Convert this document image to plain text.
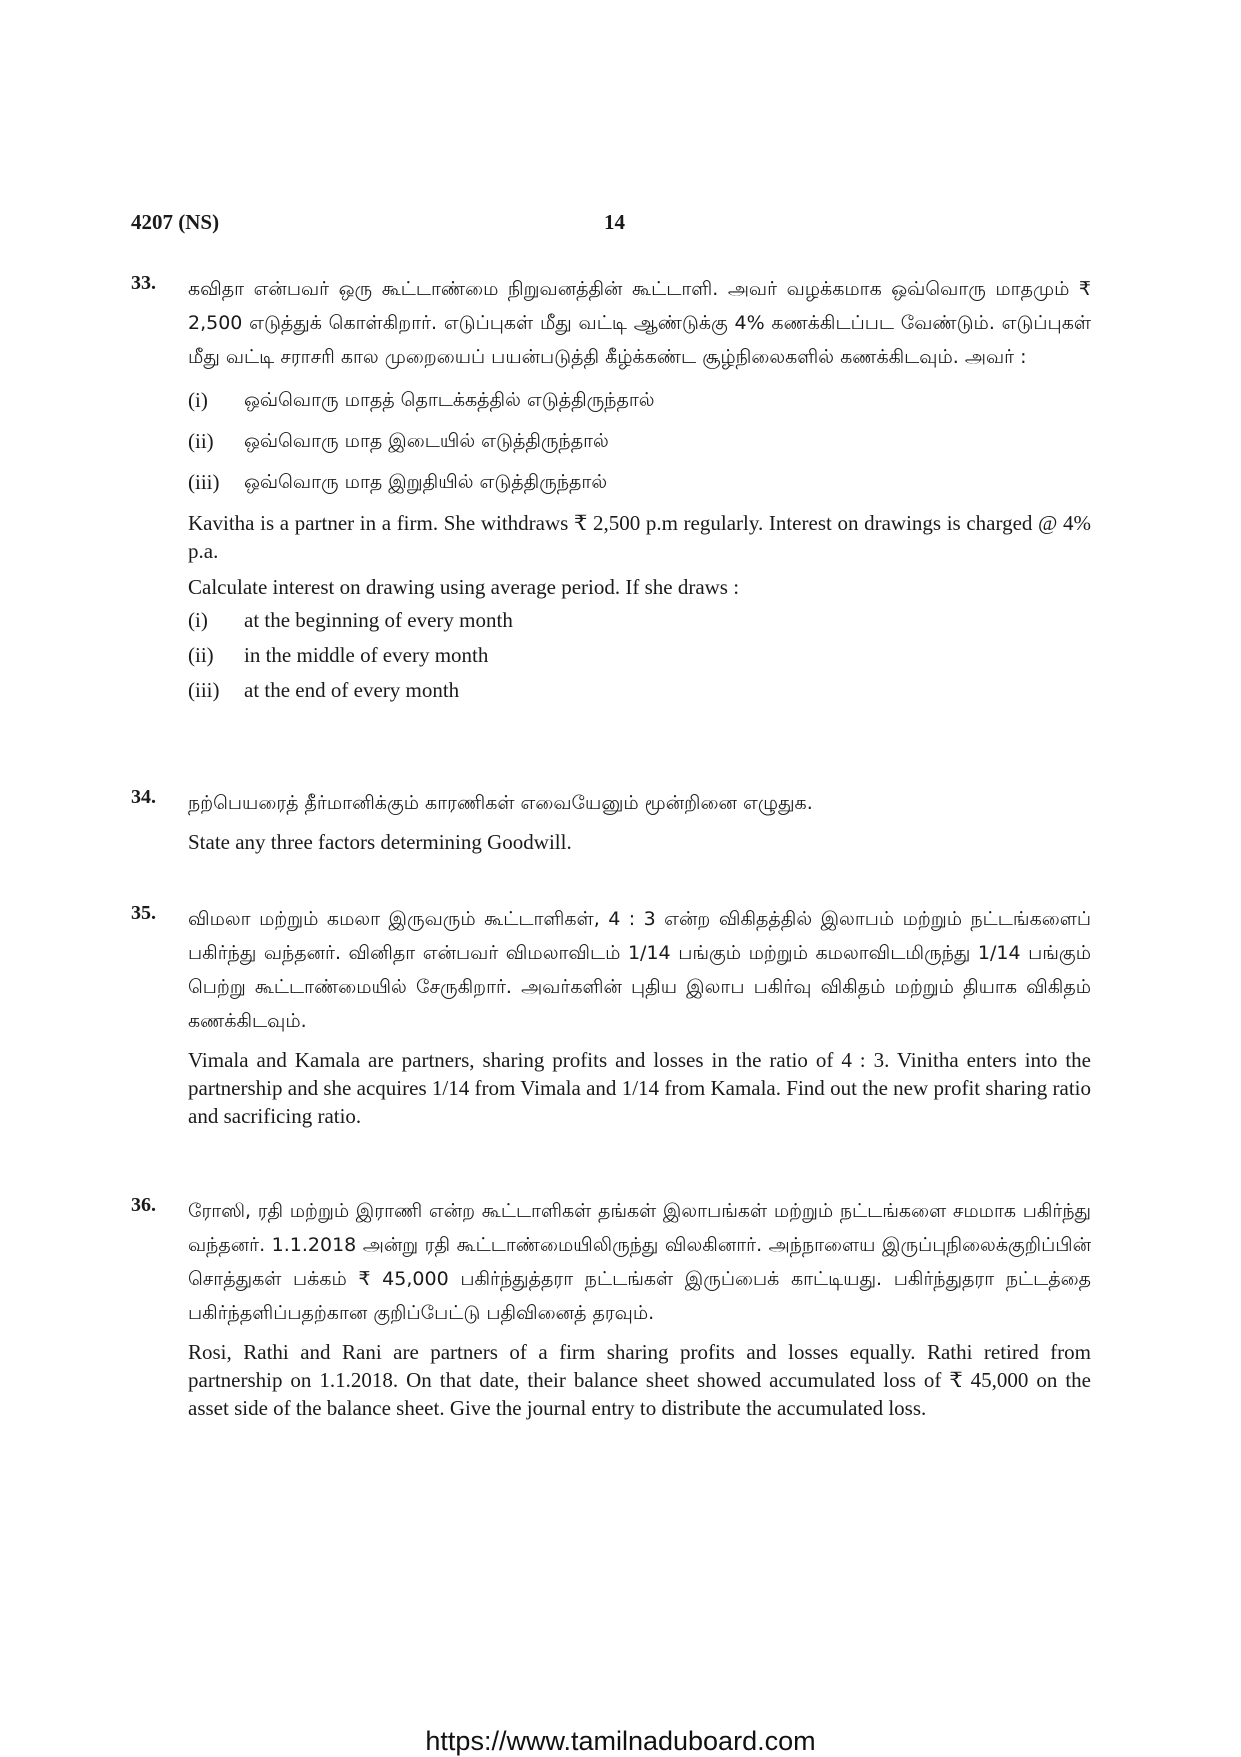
4207 (NS)	14
33. கவிதா என்பவர் ஒரு கூட்டாண்மை நிறுவனத்தின் கூட்டாளி. அவர் வழக்கமாக ஒவ்வொரு மாதமும் ₹ 2,500 எடுத்துக் கொள்கிறார். எடுப்புகள் மீது வட்டி ஆண்டுக்கு 4% கணக்கிடப்பட வேண்டும். எடுப்புகள் மீது வட்டி சராசரி கால முறையைப் பயன்படுத்தி கீழ்க்கண்ட சூழ்நிலைகளில் கணக்கிடவும். அவர் :

(i)	ஒவ்வொரு மாதத் தொடக்கத்தில் எடுத்திருந்தால்
(ii)	ஒவ்வொரு மாத இடையில் எடுத்திருந்தால்
(iii)	ஒவ்வொரு மாத இறுதியில் எடுத்திருந்தால்

Kavitha is a partner in a firm. She withdraws ₹ 2,500 p.m regularly. Interest on drawings is charged @ 4% p.a.

Calculate interest on drawing using average period. If she draws :

(i)	at the beginning of every month
(ii)	in the middle of every month
(iii)	at the end of every month
34. நற்பெயரைத் தீர்மானிக்கும் காரணிகள் எவையேனும் மூன்றினை எழுதுக.

State any three factors determining Goodwill.

35. விமலா மற்றும் கமலா இருவரும் கூட்டாளிகள், 4 : 3 என்ற விகிதத்தில் இலாபம் மற்றும் நட்டங்களைப் பகிர்ந்து வந்தனர். வினிதா என்பவர் விமலாவிடம் 1/14 பங்கும் மற்றும் கமலாவிடமிருந்து 1/14 பங்கும் பெற்று கூட்டாண்மையில் சேருகிறார். அவர்களின் புதிய இலாப பகிர்வு விகிதம் மற்றும் தியாக விகிதம் கணக்கிடவும்.

Vimala and Kamala are partners, sharing profits and losses in the ratio of 4 : 3. Vinitha enters into the partnership and she acquires 1/14 from Vimala and 1/14 from Kamala. Find out the new profit sharing ratio and sacrificing ratio.

36. ரோஸி, ரதி மற்றும் இராணி என்ற கூட்டாளிகள் தங்கள் இலாபங்கள் மற்றும் நட்டங்களை சமமாக பகிர்ந்து வந்தனர். 1.1.2018 அன்று ரதி கூட்டாண்மையிலிருந்து விலகினார். அந்நாளைய இருப்புநிலைக்குறிப்பின் சொத்துகள் பக்கம் ₹ 45,000 பகிர்ந்துத்தரா நட்டங்கள் இருப்பைக் காட்டியது. பகிர்ந்துதரா நட்டத்தை பகிர்ந்தளிப்பதற்கான குறிப்பேட்டு பதிவினைத் தரவும்.

Rosi, Rathi and Rani are partners of a firm sharing profits and losses equally. Rathi retired from partnership on 1.1.2018. On that date, their balance sheet showed accumulated loss of ₹ 45,000 on the asset side of the balance sheet. Give the journal entry to distribute the accumulated loss.

https://www.tamilnaduboard.com
